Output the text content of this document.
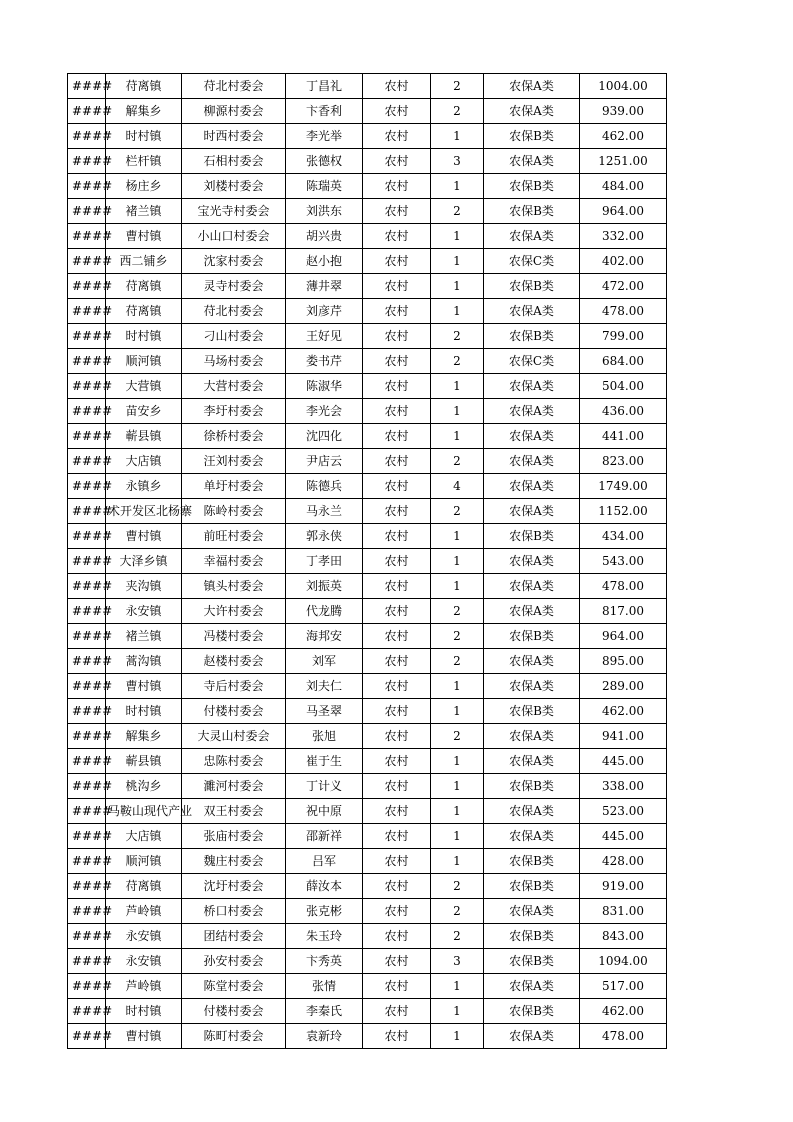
####	苻离镇	苻北村委会	丁昌礼	农村	2	农保A类	1004.00
####	解集乡	柳源村委会	卞香利	农村	2	农保A类	939.00
####	时村镇	时西村委会	李光举	农村	1	农保B类	462.00
####	栏杆镇	石相村委会	张德权	农村	3	农保A类	1251.00
####	杨庄乡	刘楼村委会	陈瑞英	农村	1	农保B类	484.00
####	褚兰镇	宝光寺村委会	刘洪东	农村	2	农保B类	964.00
####	曹村镇	小山口村委会	胡兴贵	农村	1	农保A类	332.00
####	西二铺乡	沈家村委会	赵小抱	农村	1	农保C类	402.00
####	苻离镇	灵寺村委会	薄井翠	农村	1	农保B类	472.00
####	苻离镇	苻北村委会	刘彦芹	农村	1	农保A类	478.00
####	时村镇	刁山村委会	王好见	农村	2	农保B类	799.00
####	顺河镇	马场村委会	娄书芹	农村	2	农保C类	684.00
####	大营镇	大营村委会	陈淑华	农村	1	农保A类	504.00
####	苗安乡	李圩村委会	李光会	农村	1	农保A类	436.00
####	蕲县镇	徐桥村委会	沈四化	农村	1	农保A类	441.00
####	大店镇	汪刘村委会	尹店云	农村	2	农保A类	823.00
####	永镇乡	单圩村委会	陈德兵	农村	4	农保A类	1749.00
####	术开发区北杨寨	陈岭村委会	马永兰	农村	2	农保A类	1152.00
####	曹村镇	前旺村委会	郭永侠	农村	1	农保B类	434.00
####	大泽乡镇	幸福村委会	丁孝田	农村	1	农保A类	543.00
####	夹沟镇	镇头村委会	刘振英	农村	1	农保A类	478.00
####	永安镇	大许村委会	代龙腾	农村	2	农保A类	817.00
####	褚兰镇	冯楼村委会	海邦安	农村	2	农保B类	964.00
####	蒿沟镇	赵楼村委会	刘军	农村	2	农保A类	895.00
####	曹村镇	寺后村委会	刘夫仁	农村	1	农保A类	289.00
####	时村镇	付楼村委会	马圣翠	农村	1	农保B类	462.00
####	解集乡	大灵山村委会	张旭	农村	2	农保A类	941.00
####	蕲县镇	忠陈村委会	崔于生	农村	1	农保A类	445.00
####	桃沟乡	濉河村委会	丁计义	农村	1	农保B类	338.00
####	马鞍山现代产业	双王村委会	祝中原	农村	1	农保A类	523.00
####	大店镇	张庙村委会	邵新祥	农村	1	农保A类	445.00
####	顺河镇	魏庄村委会	吕军	农村	1	农保B类	428.00
####	苻离镇	沈圩村委会	薛汝本	农村	2	农保B类	919.00
####	芦岭镇	桥口村委会	张克彬	农村	2	农保A类	831.00
####	永安镇	团结村委会	朱玉玲	农村	2	农保B类	843.00
####	永安镇	孙安村委会	卞秀英	农村	3	农保B类	1094.00
####	芦岭镇	陈堂村委会	张情	农村	1	农保A类	517.00
####	时村镇	付楼村委会	李秦氏	农村	1	农保B类	462.00
####	曹村镇	陈町村委会	袁新玲	农村	1	农保A类	478.00
